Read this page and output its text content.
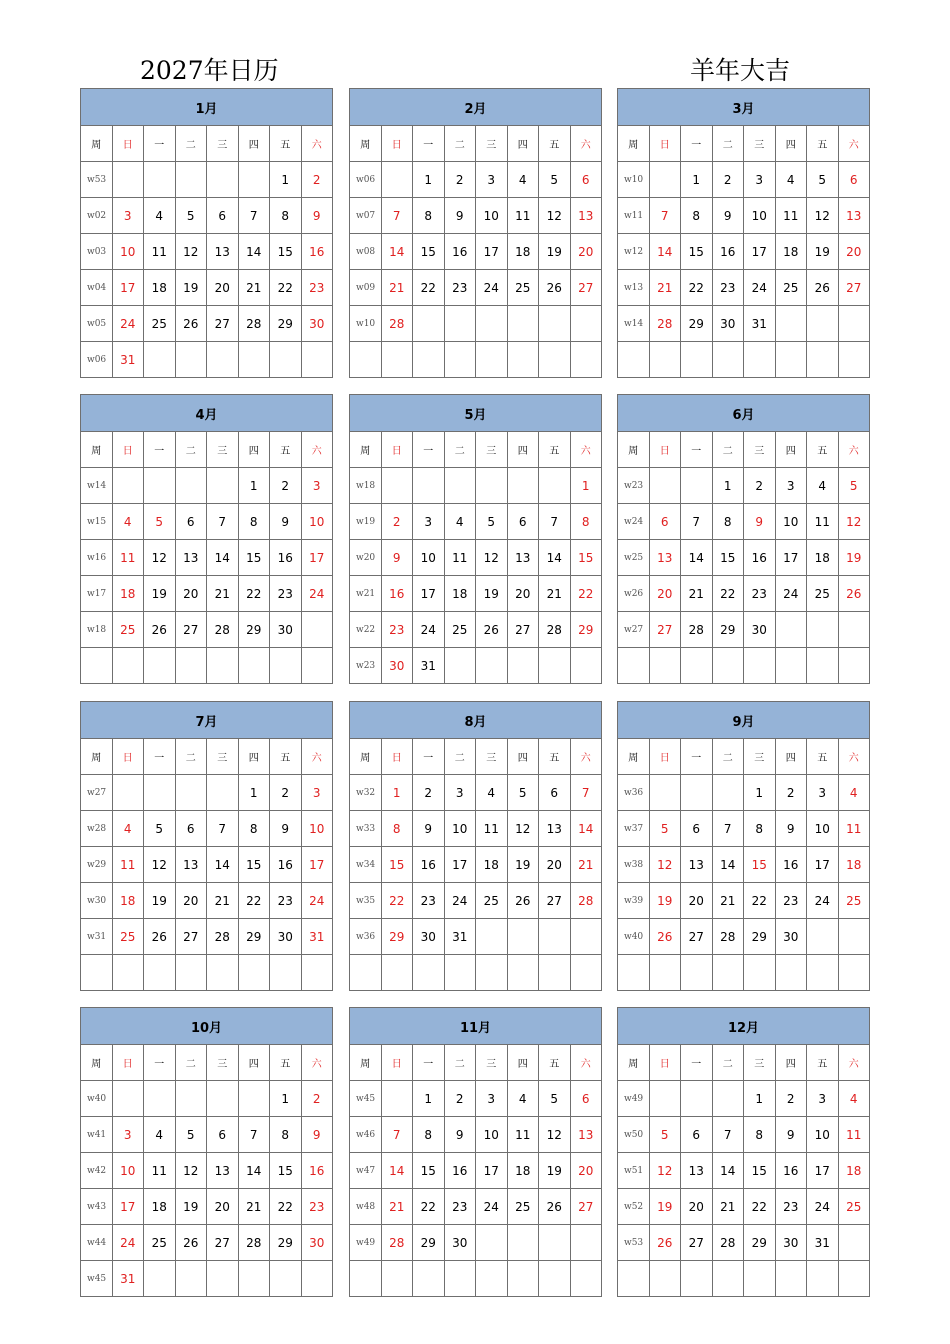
2027年日历	羊年大吉
1月							
周	日	一	二	三	四	五	六
w53						1	2
w02	3	4	5	6	7	8	9
w03	10	11	12	13	14	15	16
w04	17	18	19	20	21	22	23
w05	24	25	26	27	28	29	30
w06	31						
2月							
周	日	一	二	三	四	五	六
w06		1	2	3	4	5	6
w07	7	8	9	10	11	12	13
w08	14	15	16	17	18	19	20
w09	21	22	23	24	25	26	27
w10	28						

3月							
周	日	一	二	三	四	五	六
w10		1	2	3	4	5	6
w11	7	8	9	10	11	12	13
w12	14	15	16	17	18	19	20
w13	21	22	23	24	25	26	27
w14	28	29	30	31			

4月							
周	日	一	二	三	四	五	六
w14					1	2	3
w15	4	5	6	7	8	9	10
w16	11	12	13	14	15	16	17
w17	18	19	20	21	22	23	24
w18	25	26	27	28	29	30	

5月							
周	日	一	二	三	四	五	六
w18							1
w19	2	3	4	5	6	7	8
w20	9	10	11	12	13	14	15
w21	16	17	18	19	20	21	22
w22	23	24	25	26	27	28	29
w23	30	31					
6月							
周	日	一	二	三	四	五	六
w23			1	2	3	4	5
w24	6	7	8	9	10	11	12
w25	13	14	15	16	17	18	19
w26	20	21	22	23	24	25	26
w27	27	28	29	30			

7月							
周	日	一	二	三	四	五	六
w27					1	2	3
w28	4	5	6	7	8	9	10
w29	11	12	13	14	15	16	17
w30	18	19	20	21	22	23	24
w31	25	26	27	28	29	30	31

8月							
周	日	一	二	三	四	五	六
w32	1	2	3	4	5	6	7
w33	8	9	10	11	12	13	14
w34	15	16	17	18	19	20	21
w35	22	23	24	25	26	27	28
w36	29	30	31				

9月							
周	日	一	二	三	四	五	六
w36				1	2	3	4
w37	5	6	7	8	9	10	11
w38	12	13	14	15	16	17	18
w39	19	20	21	22	23	24	25
w40	26	27	28	29	30		

10月							
周	日	一	二	三	四	五	六
w40						1	2
w41	3	4	5	6	7	8	9
w42	10	11	12	13	14	15	16
w43	17	18	19	20	21	22	23
w44	24	25	26	27	28	29	30
w45	31						
11月							
周	日	一	二	三	四	五	六
w45		1	2	3	4	5	6
w46	7	8	9	10	11	12	13
w47	14	15	16	17	18	19	20
w48	21	22	23	24	25	26	27
w49	28	29	30				

12月							
周	日	一	二	三	四	五	六
w49				1	2	3	4
w50	5	6	7	8	9	10	11
w51	12	13	14	15	16	17	18
w52	19	20	21	22	23	24	25
w53	26	27	28	29	30	31	
